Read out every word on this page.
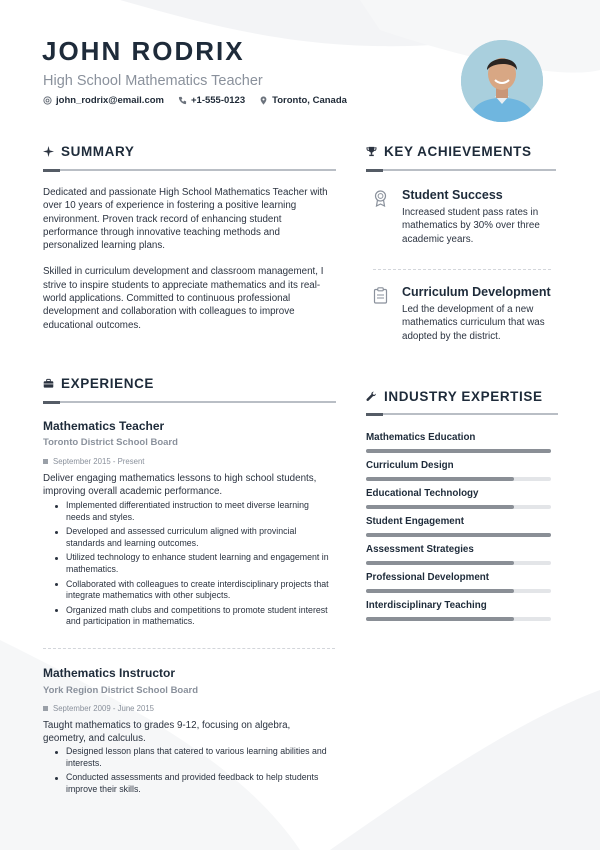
JOHN RODRIX

High School Mathematics Teacher

john_rodrix@email.com	+1-555-0123	Toronto, Canada
SUMMARY

Dedicated and passionate High School Mathematics Teacher with over 10 years of experience in fostering a positive learning environment. Proven track record of enhancing student performance through innovative teaching methods and personalized learning plans.

Skilled in curriculum development and classroom management, I strive to inspire students to appreciate mathematics and its real-world applications. Committed to continuous professional development and collaboration with colleagues to improve educational outcomes.

KEY ACHIEVEMENTS
Student Success
Increased student pass rates in mathematics by 30% over three academic years.
Curriculum Development
Led the development of a new mathematics curriculum that was adopted by the district.
EXPERIENCE
Mathematics Teacher
Toronto District School Board
September 2015 - Present
Deliver engaging mathematics lessons to high school students, improving overall academic performance.
Implemented differentiated instruction to meet diverse learning needs and styles.
Developed and assessed curriculum aligned with provincial standards and learning outcomes.
Utilized technology to enhance student learning and engagement in mathematics.
Collaborated with colleagues to create interdisciplinary projects that integrate mathematics with other subjects.
Organized math clubs and competitions to promote student interest and participation in mathematics.
Mathematics Instructor
York Region District School Board
September 2009 - June 2015
Taught mathematics to grades 9-12, focusing on algebra, geometry, and calculus.
Designed lesson plans that catered to various learning abilities and interests.
Conducted assessments and provided feedback to help students improve their skills.
INDUSTRY EXPERTISE
Mathematics Education
Curriculum Design
Educational Technology
Student Engagement
Assessment Strategies
Professional Development
Interdisciplinary Teaching
